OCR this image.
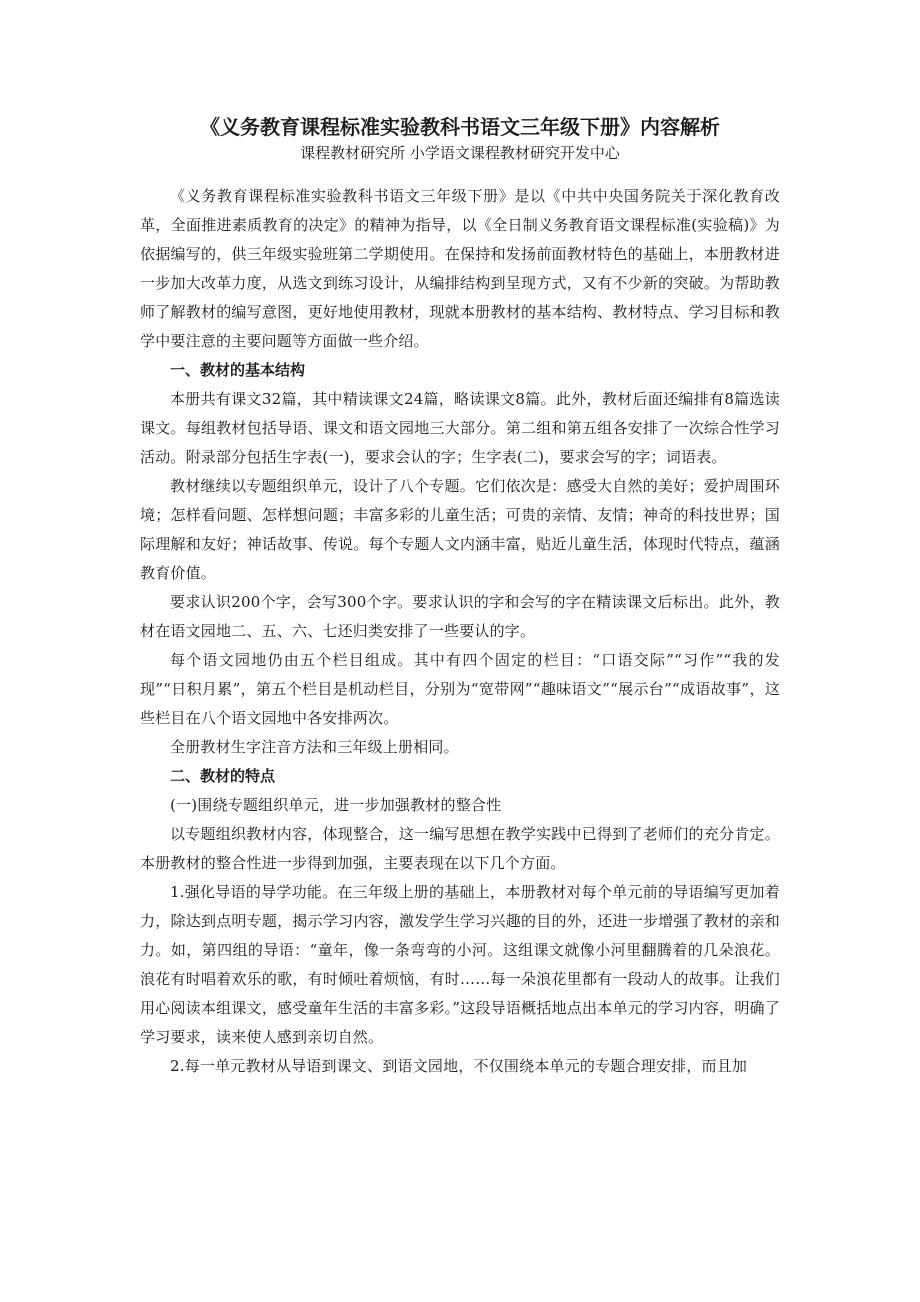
《义务教育课程标准实验教科书语文三年级下册》内容解析
课程教材研究所 小学语文课程教材研究开发中心

《义务教育课程标准实验教科书语文三年级下册》是以《中共中央国务院关于深化教育改革，全面推进素质教育的决定》的精神为指导，以《全日制义务教育语文课程标准(实验稿)》为依据编写的，供三年级实验班第二学期使用。在保持和发扬前面教材特色的基础上，本册教材进一步加大改革力度，从选文到练习设计，从编排结构到呈现方式，又有不少新的突破。为帮助教师了解教材的编写意图，更好地使用教材，现就本册教材的基本结构、教材特点、学习目标和教学中要注意的主要问题等方面做一些介绍。

一、教材的基本结构

本册共有课文32篇，其中精读课文24篇，略读课文8篇。此外，教材后面还编排有8篇选读课文。每组教材包括导语、课文和语文园地三大部分。第二组和第五组各安排了一次综合性学习活动。附录部分包括生字表(一)，要求会认的字；生字表(二)，要求会写的字；词语表。

教材继续以专题组织单元，设计了八个专题。它们依次是：感受大自然的美好；爱护周围环境；怎样看问题、怎样想问题；丰富多彩的儿童生活；可贵的亲情、友情；神奇的科技世界；国际理解和友好；神话故事、传说。每个专题人文内涵丰富，贴近儿童生活，体现时代特点，蕴涵教育价值。

要求认识200个字，会写300个字。要求认识的字和会写的字在精读课文后标出。此外，教材在语文园地二、五、六、七还归类安排了一些要认的字。

每个语文园地仍由五个栏目组成。其中有四个固定的栏目：“口语交际”“习作”“我的发现”“日积月累”，第五个栏目是机动栏目，分别为“宽带网”“趣味语文”“展示台”“成语故事”，这些栏目在八个语文园地中各安排两次。

全册教材生字注音方法和三年级上册相同。

二、教材的特点

(一)围绕专题组织单元，进一步加强教材的整合性

以专题组织教材内容，体现整合，这一编写思想在教学实践中已得到了老师们的充分肯定。本册教材的整合性进一步得到加强，主要表现在以下几个方面。

1.强化导语的导学功能。在三年级上册的基础上，本册教材对每个单元前的导语编写更加着力，除达到点明专题，揭示学习内容，激发学生学习兴趣的目的外，还进一步增强了教材的亲和力。如，第四组的导语：“童年，像一条弯弯的小河。这组课文就像小河里翻腾着的几朵浪花。浪花有时唱着欢乐的歌，有时倾吐着烦恼，有时……每一朵浪花里都有一段动人的故事。让我们用心阅读本组课文，感受童年生活的丰富多彩。”这段导语概括地点出本单元的学习内容，明确了学习要求，读来使人感到亲切自然。

2.每一单元教材从导语到课文、到语文园地，不仅围绕本单元的专题合理安排，而且加
